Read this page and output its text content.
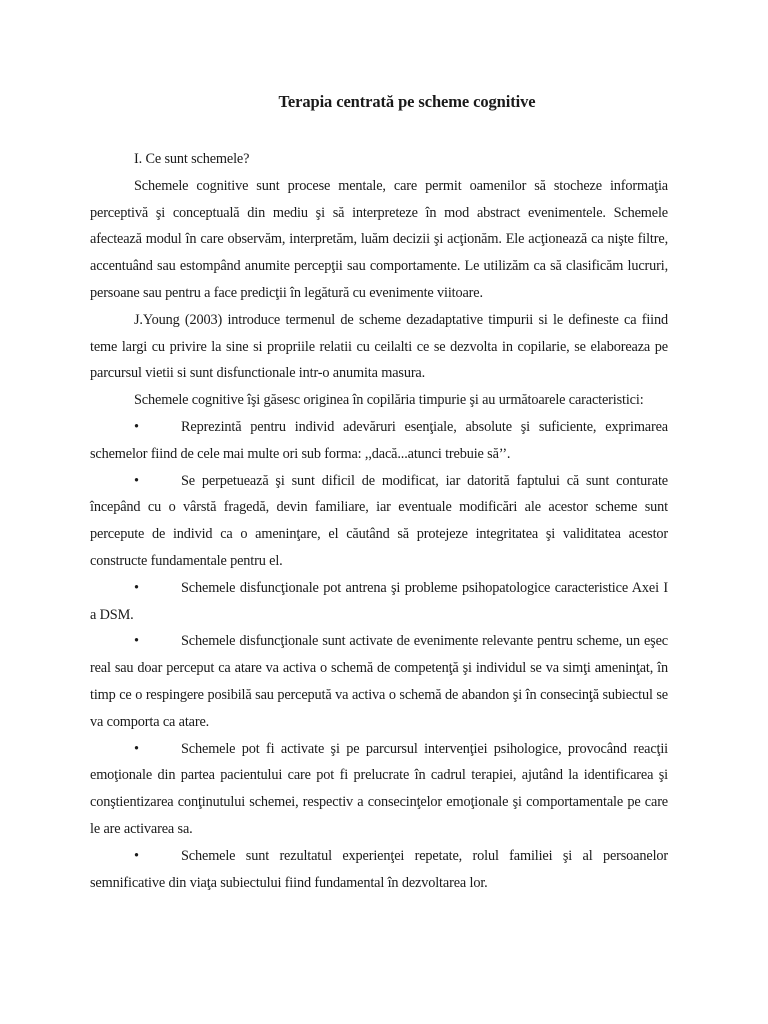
Terapia centrată pe scheme cognitive

I. Ce sunt schemele?

Schemele cognitive sunt procese mentale, care permit oamenilor să stocheze informaţia perceptivă şi conceptuală din mediu şi să interpreteze în mod abstract evenimentele. Schemele afectează modul în care observăm, interpretăm, luăm decizii şi acţionăm. Ele acţionează ca nişte filtre, accentuând sau estompând anumite percepţii sau comportamente. Le utilizăm ca să clasificăm lucruri, persoane sau pentru a face predicţii în legătură cu evenimente viitoare.

J.Young (2003) introduce termenul de scheme dezadaptative timpurii si le defineste ca fiind teme largi cu privire la sine si propriile relatii cu ceilalti ce se dezvolta in copilarie, se elaboreaza pe parcursul vietii si sunt disfunctionale intr-o anumita masura.

Schemele cognitive îşi găsesc originea în copilăria timpurie şi au următoarele caracteristici:

•	Reprezintă pentru individ adevăruri esenţiale, absolute şi suficiente, exprimarea schemelor fiind de cele mai multe ori sub forma: ,,dacă...atunci trebuie să’’.

•	Se perpetuează şi sunt dificil de modificat, iar datorită faptului că sunt conturate începând cu o vârstă fragedă, devin familiare, iar eventuale modificări ale acestor scheme sunt percepute de individ ca o ameninţare, el căutând să protejeze integritatea şi validitatea acestor constructe fundamentale pentru el.

•	Schemele disfuncţionale pot antrena şi probleme psihopatologice caracteristice Axei I a DSM.

•	Schemele disfuncţionale sunt activate de evenimente relevante pentru scheme, un eşec real sau doar perceput ca atare va activa o schemă de competenţă şi individul se va simţi ameninţat, în timp ce o respingere posibilă sau percepută va activa o schemă de abandon şi în consecinţă subiectul se va comporta ca atare.

•	Schemele pot fi activate şi pe parcursul intervenţiei psihologice, provocând reacţii emoţionale din partea pacientului care pot fi prelucrate în cadrul terapiei, ajutând la identificarea şi conştientizarea conţinutului schemei, respectiv a consecinţelor emoţionale şi comportamentale pe care le are activarea sa.

•	Schemele sunt rezultatul experienţei repetate, rolul familiei şi al persoanelor semnificative din viaţa subiectului fiind fundamental în dezvoltarea lor.
